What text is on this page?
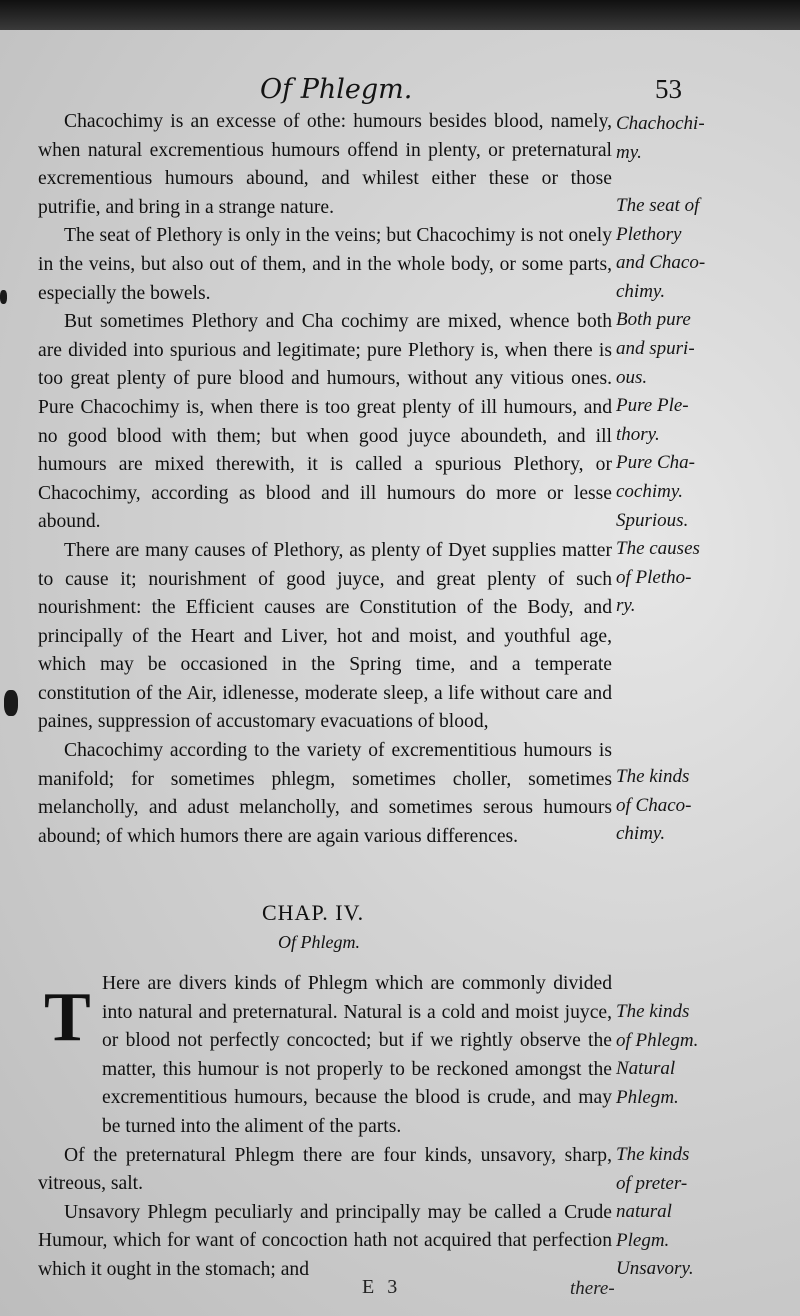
Of Phlegm.	53

Chacochimy is an excesse of othe: humours besides blood, namely, when natural excrementious humours offend in plenty, or preternatural excrementious humours abound, and whilest either these or those putrifie, and bring in a strange nature.

The seat of Plethory is only in the veins; but Chacochimy is not onely in the veins, but also out of them, and in the whole body, or some parts, especially the bowels.

But sometimes Plethory and Cha cochimy are mixed, whence both are divided into spurious and legitimate; pure Plethory is, when there is too great plenty of pure blood and humours, without any vitious ones. Pure Chacochimy is, when there is too great plenty of ill humours, and no good blood with them; but when good juyce aboundeth, and ill humours are mixed therewith, it is called a spurious Plethory, or Chacochimy, according as blood and ill humours do more or lesse abound.

There are many causes of Plethory, as plenty of Dyet supplies matter to cause it; nourishment of good juyce, and great plenty of such nourishment: the Efficient causes are Constitution of the Body, and principally of the Heart and Liver, hot and moist, and youthful age, which may be occasioned in the Spring time, and a temperate constitution of the Air, idlenesse, moderate sleep, a life without care and paines, suppression of accustomary evacuations of blood,

Chacochimy according to the variety of excrementitious humours is manifold; for sometimes phlegm, sometimes choller, sometimes melancholly, and adust melancholly, and sometimes serous humours abound; of which humors there are again various differences.

CHAP. IV.
Of Phlegm.
T Here are divers kinds of Phlegm which are commonly divided into natural and preternatural. Natural is a cold and moist juyce, or blood not perfectly concocted; but if we rightly observe the matter, this humour is not properly to be reckoned amongst the excrementitious humours, because the blood is crude, and may be turned into the aliment of the parts.

Of the preternatural Phlegm there are four kinds, unsavory, sharp, vitreous, salt.

Unsavory Phlegm peculiarly and principally may be called a Crude Humour, which for want of concoction hath not acquired that perfection which it ought in the stomach; and

Chachochi-

my.

The seat of

Plethory

and Chaco-

chimy.

Both pure

and spuri-

ous.

Pure Ple-

thory.

Pure Cha-

cochimy.

Spurious.

The causes

of Pletho-

ry.

The kinds

of Chaco-

chimy.

The kinds

of Phlegm.

Natural

Phlegm.

The kinds

of preter-

natural

Plegm.

Unsavory.

E 3	there-
